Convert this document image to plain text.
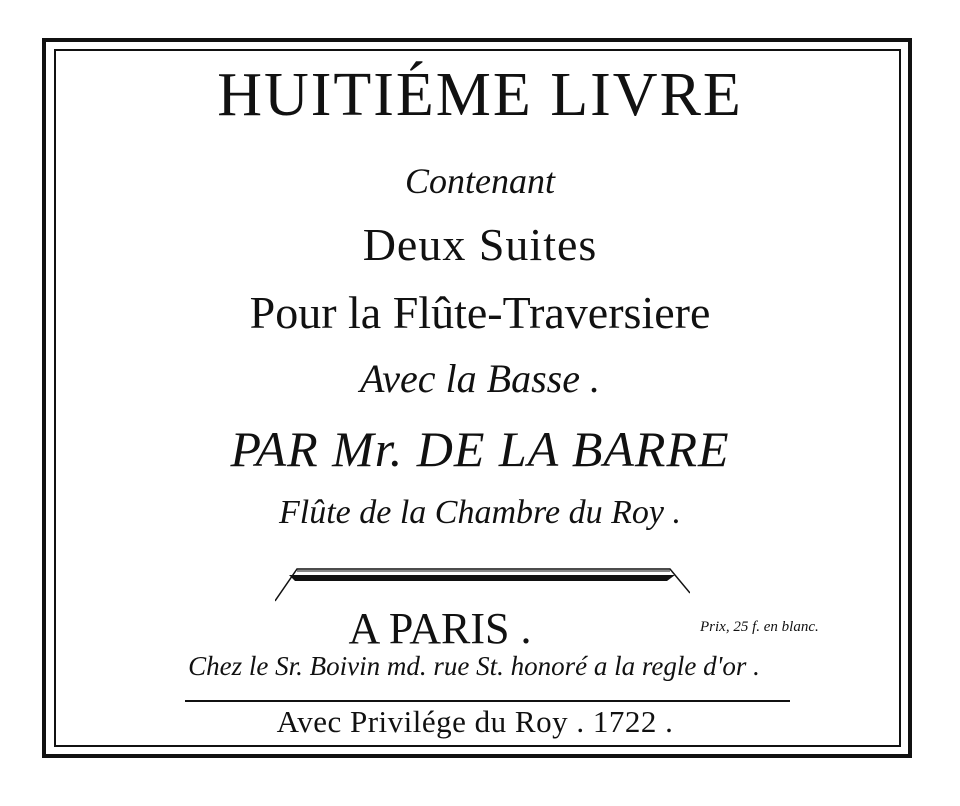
HUITIÉME LIVRE
Contenant
Deux Suites
Pour la Flûte-Traversiere
Avec la Basse .
PAR Mr. DE LA BARRE
Flûte de la Chambre du Roy .
A PARIS .	Prix, 25 f. en blanc.
Chez le Sr. Boivin md. rue St. honoré a la regle d'or .
Avec Privilége du Roy . 1722 .
